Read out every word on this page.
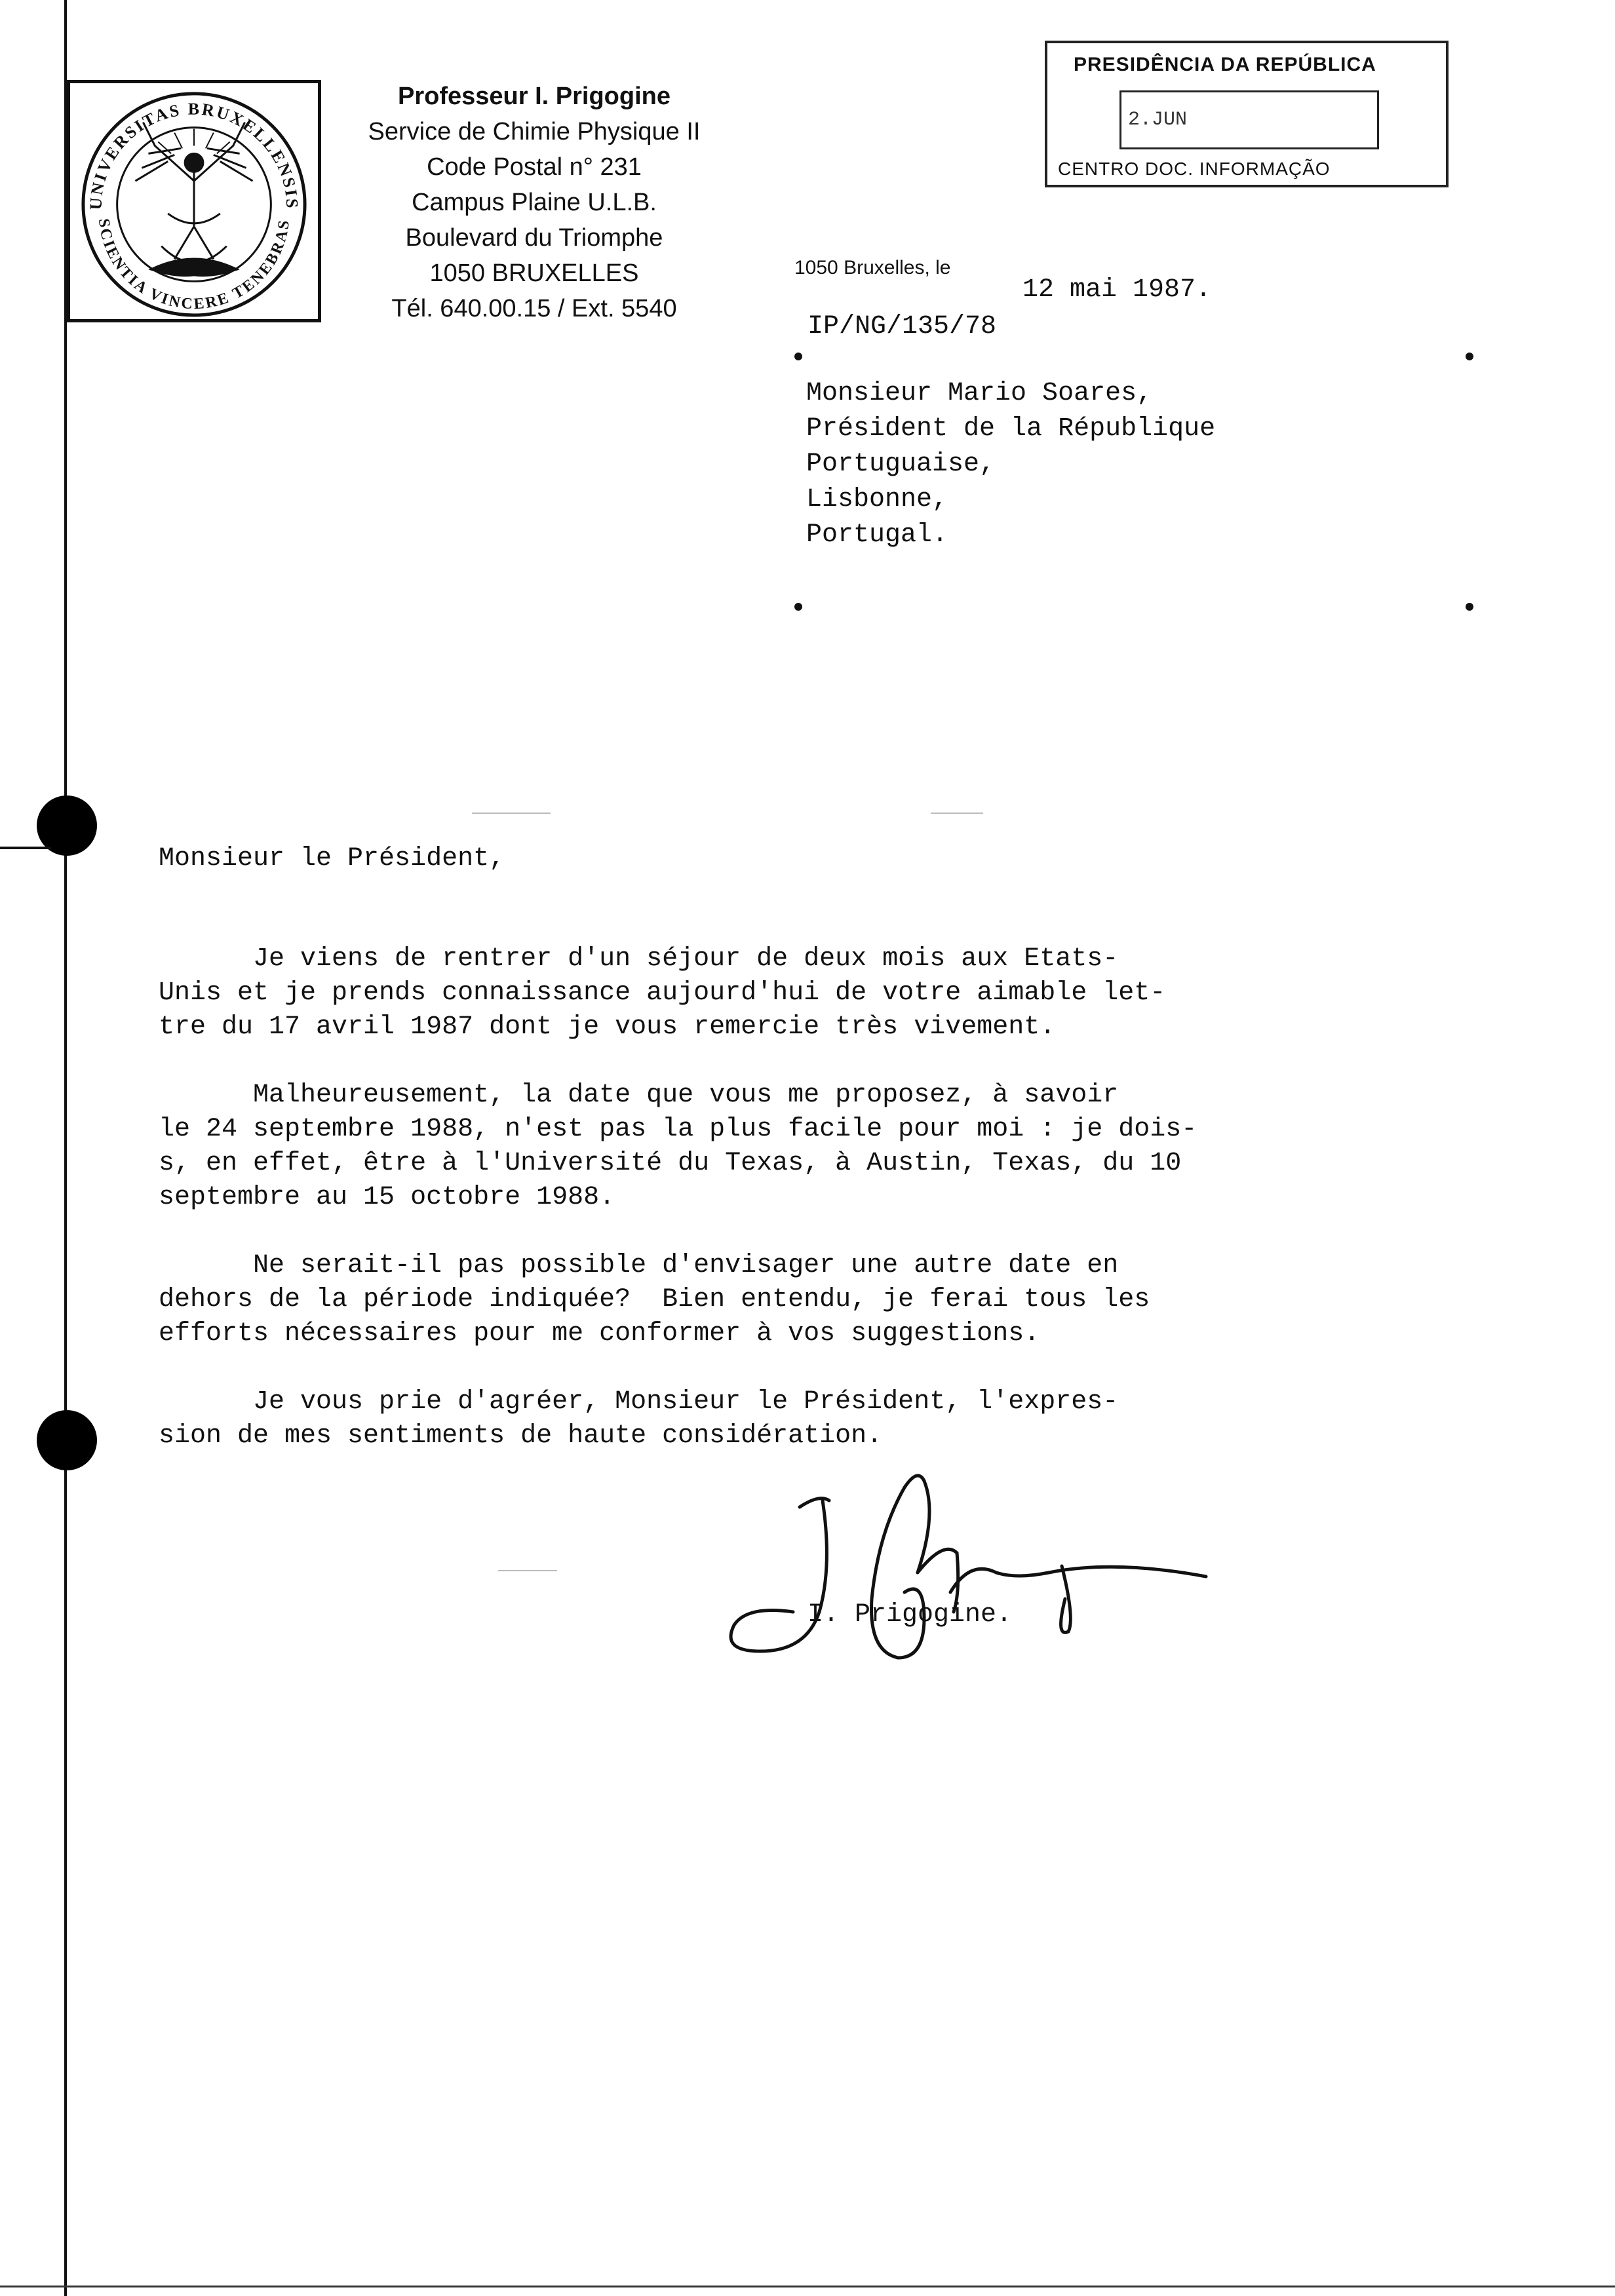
UNIVERSITAS BRUXELLENSIS
SCIENTIA VINCERE TENEBRAS
Professeur I. Prigogine
Service de Chimie Physique II
Code Postal n° 231
Campus Plaine U.L.B.
Boulevard du Triomphe
1050 BRUXELLES
Tél. 640.00.15 / Ext. 5540
PRESIDÊNCIA DA REPÚBLICA
2.JUN
CENTRO DOC. INFORMAÇÃO
1050 Bruxelles, le
12 mai 1987.
IP/NG/135/78
Monsieur Mario Soares,
Président de la République
Portuguaise,
Lisbonne,
Portugal.
Monsieur le Président,
Je viens de rentrer d'un séjour de deux mois aux Etats-
Unis et je prends connaissance aujourd'hui de votre aimable let-
tre du 17 avril 1987 dont je vous remercie très vivement.
Malheureusement, la date que vous me proposez, à savoir
le 24 septembre 1988, n'est pas la plus facile pour moi : je dois-
s, en effet, être à l'Université du Texas, à Austin, Texas, du 10
septembre au 15 octobre 1988.
Ne serait-il pas possible d'envisager une autre date en
dehors de la période indiquée?  Bien entendu, je ferai tous les
efforts nécessaires pour me conformer à vos suggestions.
Je vous prie d'agréer, Monsieur le Président, l'expres-
sion de mes sentiments de haute considération.
I. Prigogine.
